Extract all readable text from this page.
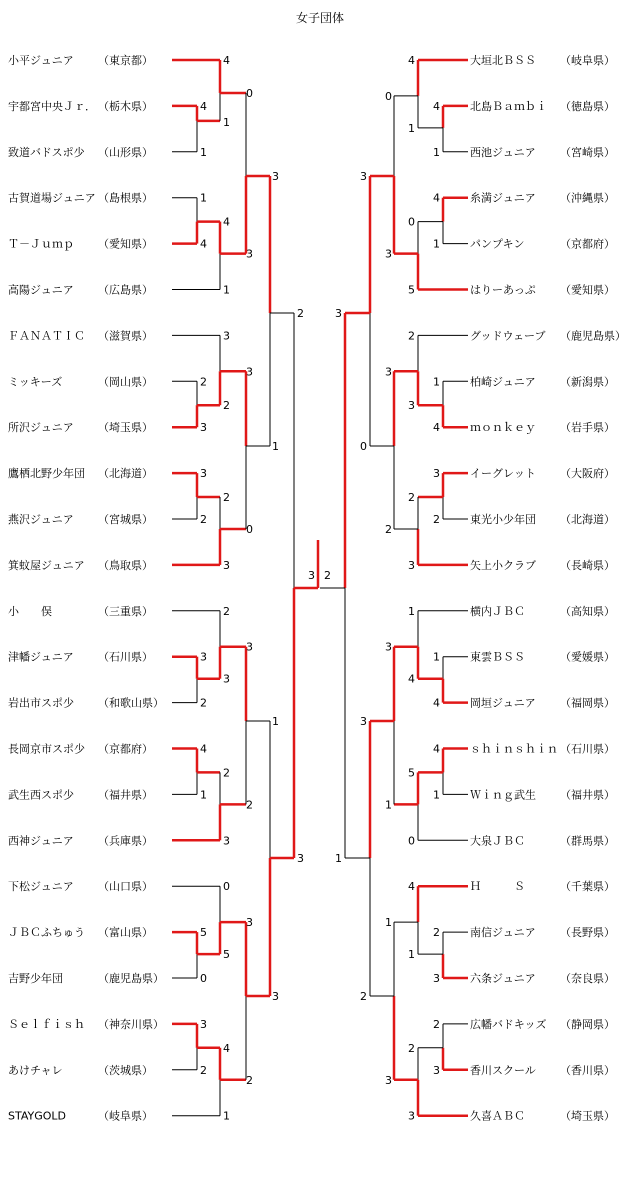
女子団体
小平ジュニア （東京都）
宇都宮中央Ｊｒ． （栃木県）
致道バドスポ少 （山形県）
古賀道場ジュニア （島根県）
Ｔ－Ｊｕｍｐ （愛知県）
高陽ジュニア （広島県）
ＦＡＮＡＴＩＣ （滋賀県）
ミッキーズ	（岡山県）
所沢ジュニア （埼玉県）
鷹栖北野少年団 （北海道）
燕沢ジュニア （宮城県）
箕蚊屋ジュニア （鳥取県）
小　　俣	（三重県）
津幡ジュニア （石川県）
岩出市スポ少 （和歌山県）
長岡京市スポ少 （京都府）
武生西スポ少 （福井県）
西神ジュニア （兵庫県）
下松ジュニア （山口県）
ＪＢＣふちゅう （富山県）
吉野少年団	（鹿児島県）
Ｓｅｌｆｉｓｈ （神奈川県）
あけチャレ	（茨城県）
STAYGOLD	（岐阜県）
大垣北ＢＳＳ （岐阜県）
北島Ｂａｍｂｉ （徳島県）
西池ジュニア （宮崎県）
糸満ジュニア （沖縄県）
パンプキン	（京都府）
はりーあっぷ （愛知県）
グッドウェーブ （鹿児島県）
柏崎ジュニア （新潟県）
ｍｏｎｋｅｙ （岩手県）
イーグレット （大阪府）
東光小少年団 （北海道）
矢上小クラブ （長崎県）
横内ＪＢＣ	（高知県）
東雲ＢＳＳ	（愛媛県）
岡垣ジュニア （福岡県）
ｓｈｉｎｓｈｉｎ （石川県）
Ｗｉｎｇ武生 （福井県）
大泉ＪＢＣ	（群馬県）
Ｈ　　　Ｓ	（千葉県）
南信ジュニア （長野県）
六条ジュニア （奈良県）
広幡バドキッズ （静岡県）
香川スクール （香川県）
久喜ＡＢＣ	（埼玉県）
4
0
4
1
1
1
4
4
1
3
3
2
3
2
3
3
2
2
3
0
2
3
2
3
3
4
1
2
3
2
0
5
0
5
3
3
2
4
1
2
3
1
1
3
2
3
3
4
4
1
1
0
4
1
0
5
3
2
1
4
3
3
3
2
2
3
2
1
1
4
4
3
4
1
5
0
1
4
2
3
1
1
2
3
2
3
3
3
0
3
2
3
1
2
